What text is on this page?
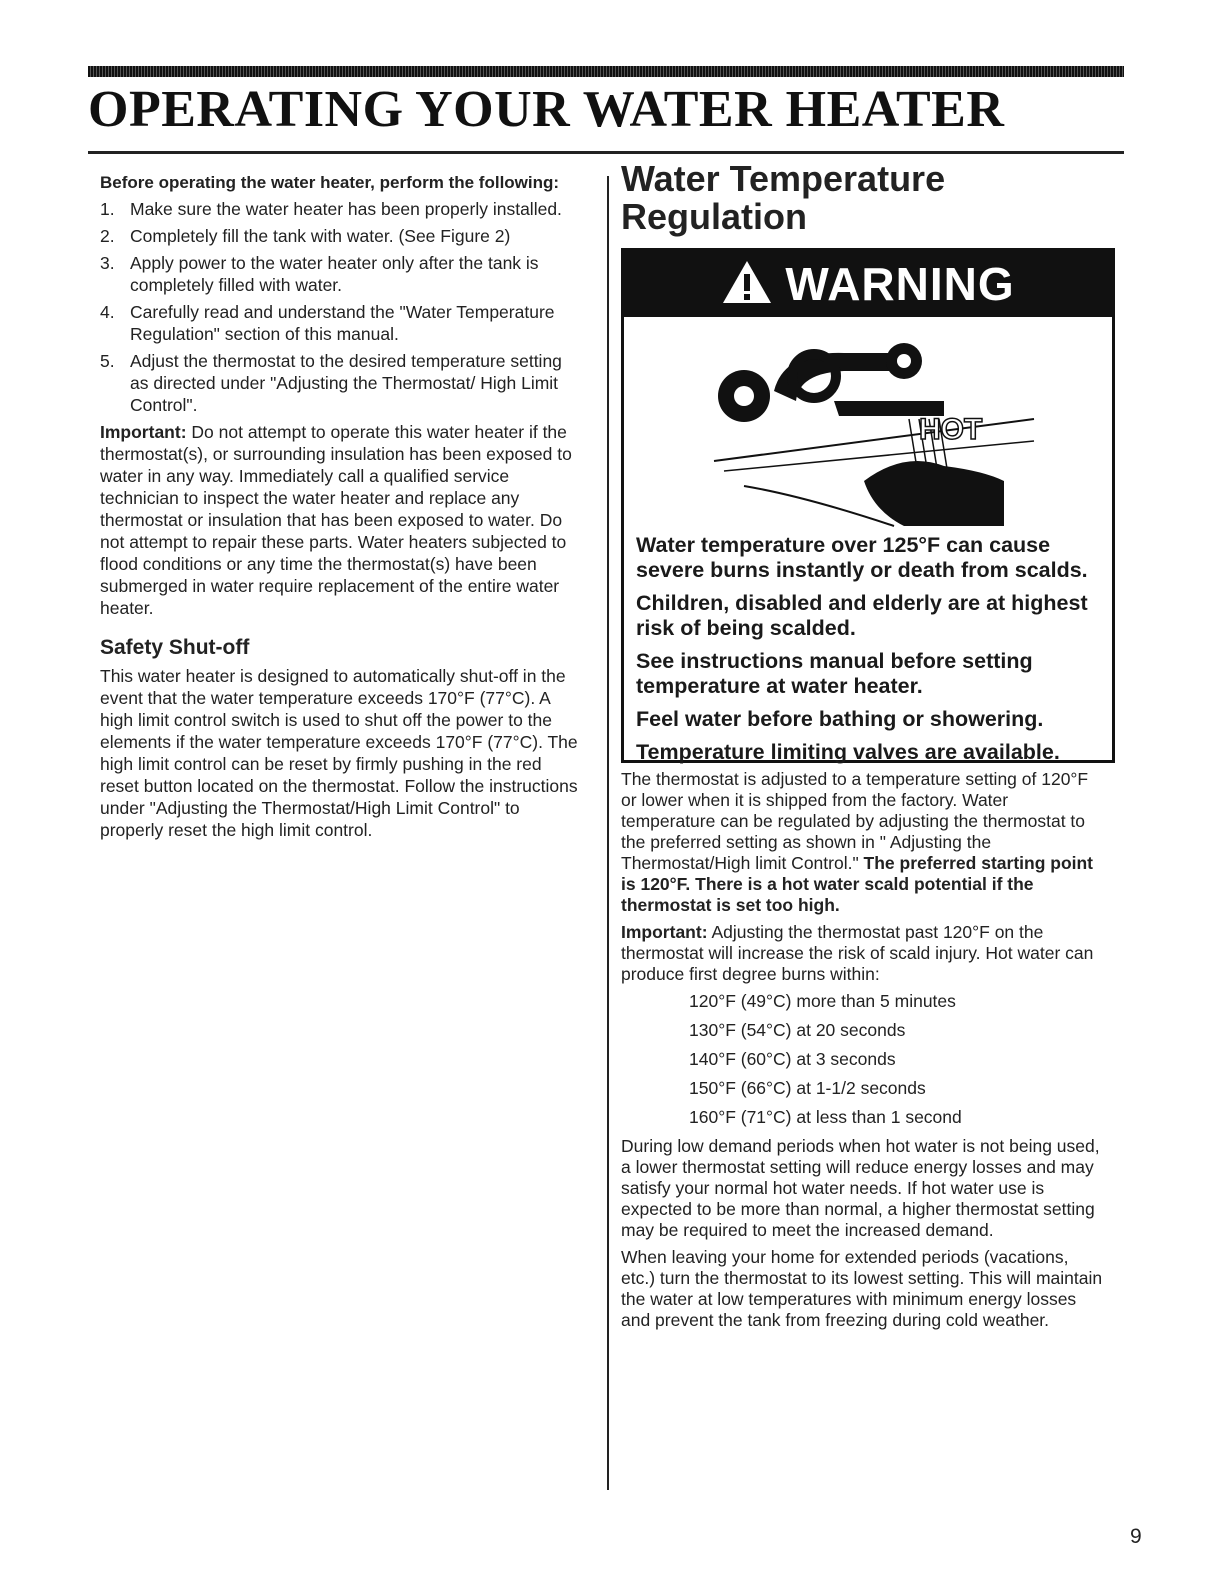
OPERATING YOUR WATER HEATER

Before operating the water heater, perform the following:

1. Make sure the water heater has been properly installed.
2. Completely fill the tank with water. (See Figure 2)
3. Apply power to the water heater only after the tank is completely filled with water.
4. Carefully read and understand the "Water Temperature Regulation" section of this manual.
5. Adjust the thermostat to the desired temperature setting as directed under "Adjusting the Thermostat/ High Limit Control".

Important: Do not attempt to operate this water heater if the thermostat(s), or surrounding insulation has been exposed to water in any way. Immediately call a qualified service technician to inspect the water heater and replace any thermostat or insulation that has been exposed to water. Do not attempt to repair these parts. Water heaters subjected to flood conditions or any time the thermostat(s) have been submerged in water require replacement of the entire water heater.

Safety Shut-off

This water heater is designed to automatically shut-off in the event that the water temperature exceeds 170°F (77°C). A high limit control switch is used to shut off the power to the elements if the water temperature exceeds 170°F (77°C). The high limit control can be reset by firmly pushing in the red reset button located on the thermostat. Follow the instructions under "Adjusting the Thermostat/High Limit Control" to properly reset the high limit control.

Water Temperature
Regulation
WARNING
HOT

Water temperature over 125°F can cause severe burns instantly or death from scalds.

Children, disabled and elderly are at highest risk of being scalded.

See instructions manual before setting temperature at water heater.

Feel water before bathing or showering.

Temperature limiting valves are available.

The thermostat is adjusted to a temperature setting of 120°F or lower when it is shipped from the factory. Water temperature can be regulated by adjusting the thermostat to the preferred setting as shown in " Adjusting the Thermostat/High limit Control." The preferred starting point is 120°F. There is a hot water scald potential if the thermostat is set too high.

Important: Adjusting the thermostat past 120°F on the thermostat will increase the risk of scald injury. Hot water can produce first degree burns within:

120°F (49°C) more than 5 minutes
130°F (54°C) at 20 seconds
140°F (60°C) at 3 seconds
150°F (66°C) at 1-1/2 seconds
160°F (71°C) at less than 1 second

During low demand periods when hot water is not being used, a lower thermostat setting will reduce energy losses and may satisfy your normal hot water needs. If hot water use is expected to be more than normal, a higher thermostat setting may be required to meet the increased demand.

When leaving your home for extended periods (vacations, etc.) turn the thermostat to its lowest setting. This will maintain the water at low temperatures with minimum energy losses and prevent the tank from freezing during cold weather.

9
